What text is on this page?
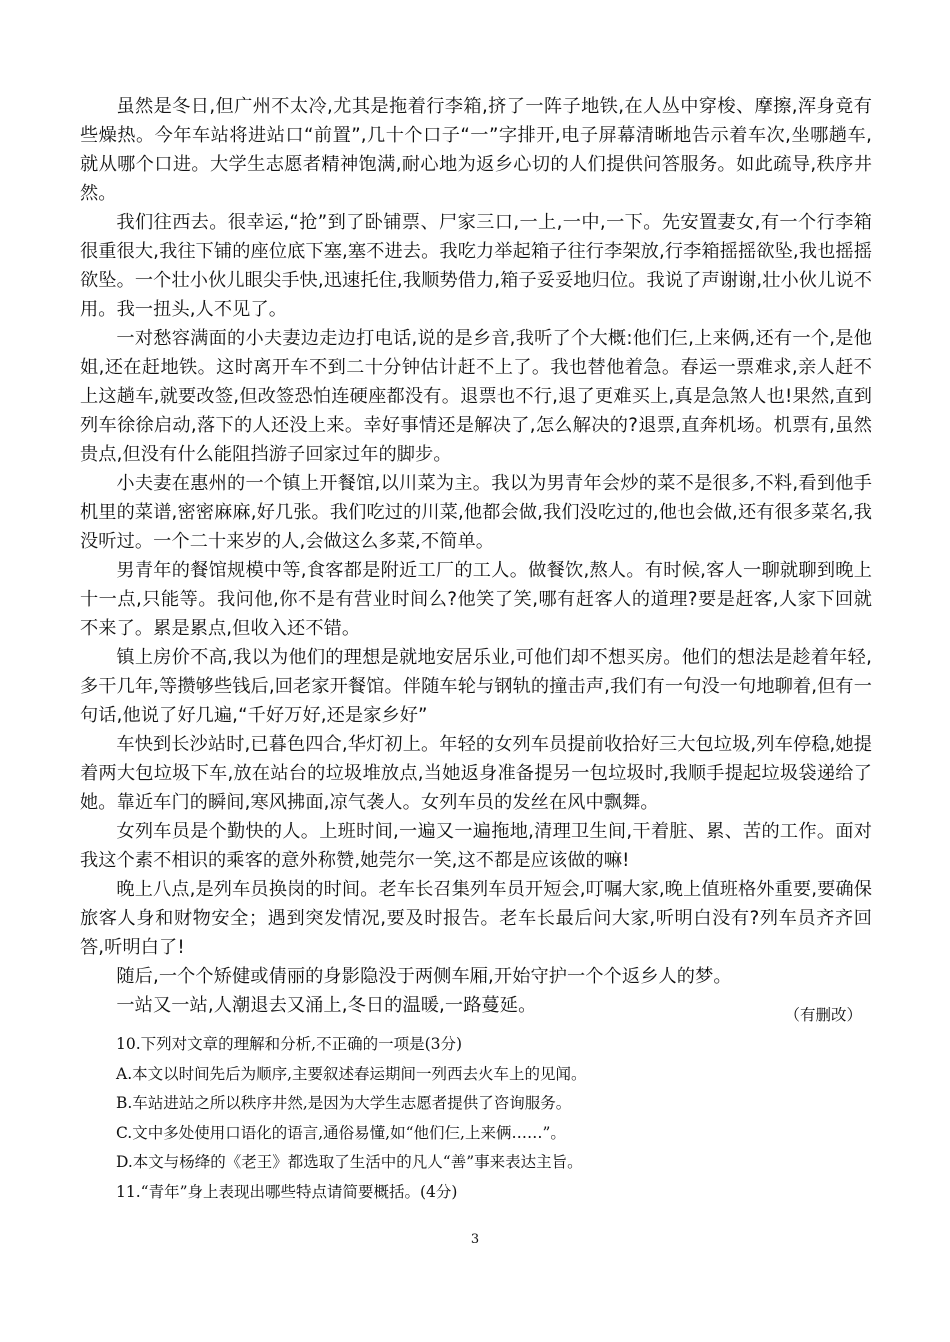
虽然是冬日,但广州不太冷,尤其是拖着行李箱,挤了一阵子地铁,在人丛中穿梭、摩擦,浑身竟有些燥热。今年车站将进站口“前置”,几十个口子“一”字排开,电子屏幕清晰地告示着车次,坐哪趟车,就从哪个口进。大学生志愿者精神饱满,耐心地为返乡心切的人们提供问答服务。如此疏导,秩序井然。

我们往西去。很幸运,“抢”到了卧铺票、尸家三口,一上,一中,一下。先安置妻女,有一个行李箱很重很大,我往下铺的座位底下塞,塞不进去。我吃力举起箱子往行李架放,行李箱摇摇欲坠,我也摇摇欲坠。一个壮小伙儿眼尖手快,迅速托住,我顺势借力,箱子妥妥地归位。我说了声谢谢,壮小伙儿说不用。我一扭头,人不见了。

一对愁容满面的小夫妻边走边打电话,说的是乡音,我听了个大概:他们仨,上来俩,还有一个,是他姐,还在赶地铁。这时离开车不到二十分钟估计赶不上了。我也替他着急。春运一票难求,亲人赶不上这趟车,就要改签,但改签恐怕连硬座都没有。退票也不行,退了更难买上,真是急煞人也!果然,直到列车徐徐启动,落下的人还没上来。幸好事情还是解决了,怎么解决的?退票,直奔机场。机票有,虽然贵点,但没有什么能阻挡游子回家过年的脚步。

小夫妻在惠州的一个镇上开餐馆,以川菜为主。我以为男青年会炒的菜不是很多,不料,看到他手机里的菜谱,密密麻麻,好几张。我们吃过的川菜,他都会做,我们没吃过的,他也会做,还有很多菜名,我没听过。一个二十来岁的人,会做这么多菜,不简单。

男青年的餐馆规模中等,食客都是附近工厂的工人。做餐饮,熬人。有时候,客人一聊就聊到晚上十一点,只能等。我问他,你不是有营业时间么?他笑了笑,哪有赶客人的道理?要是赶客,人家下回就不来了。累是累点,但收入还不错。

镇上房价不高,我以为他们的理想是就地安居乐业,可他们却不想买房。他们的想法是趁着年轻,多干几年,等攒够些钱后,回老家开餐馆。伴随车轮与钢轨的撞击声,我们有一句没一句地聊着,但有一句话,他说了好几遍,“千好万好,还是家乡好”

车快到长沙站时,已暮色四合,华灯初上。年轻的女列车员提前收拾好三大包垃圾,列车停稳,她提着两大包垃圾下车,放在站台的垃圾堆放点,当她返身准备提另一包垃圾时,我顺手提起垃圾袋递给了她。靠近车门的瞬间,寒风拂面,凉气袭人。女列车员的发丝在风中飘舞。

女列车员是个勤快的人。上班时间,一遍又一遍拖地,清理卫生间,干着脏、累、苦的工作。面对我这个素不相识的乘客的意外称赞,她莞尔一笑,这不都是应该做的嘛!

晚上八点,是列车员换岗的时间。老车长召集列车员开短会,叮嘱大家,晚上值班格外重要,要确保旅客人身和财物安全；遇到突发情况,要及时报告。老车长最后问大家,听明白没有?列车员齐齐回答,听明白了!

随后,一个个矫健或倩丽的身影隐没于两侧车厢,开始守护一个个返乡人的梦。

一站又一站,人潮退去又涌上,冬日的温暖,一路蔓延。	（有删改）
10.下列对文章的理解和分析,不正确的一项是(3分)
A.本文以时间先后为顺序,主要叙述春运期间一列西去火车上的见闻。
B.车站进站之所以秩序井然,是因为大学生志愿者提供了咨询服务。
C.文中多处使用口语化的语言,通俗易懂,如“他们仨,上来俩……”。
D.本文与杨绛的《老王》都选取了生活中的凡人“善”事来表达主旨。
11.“青年”身上表现出哪些特点请简要概括。(4分)
3
